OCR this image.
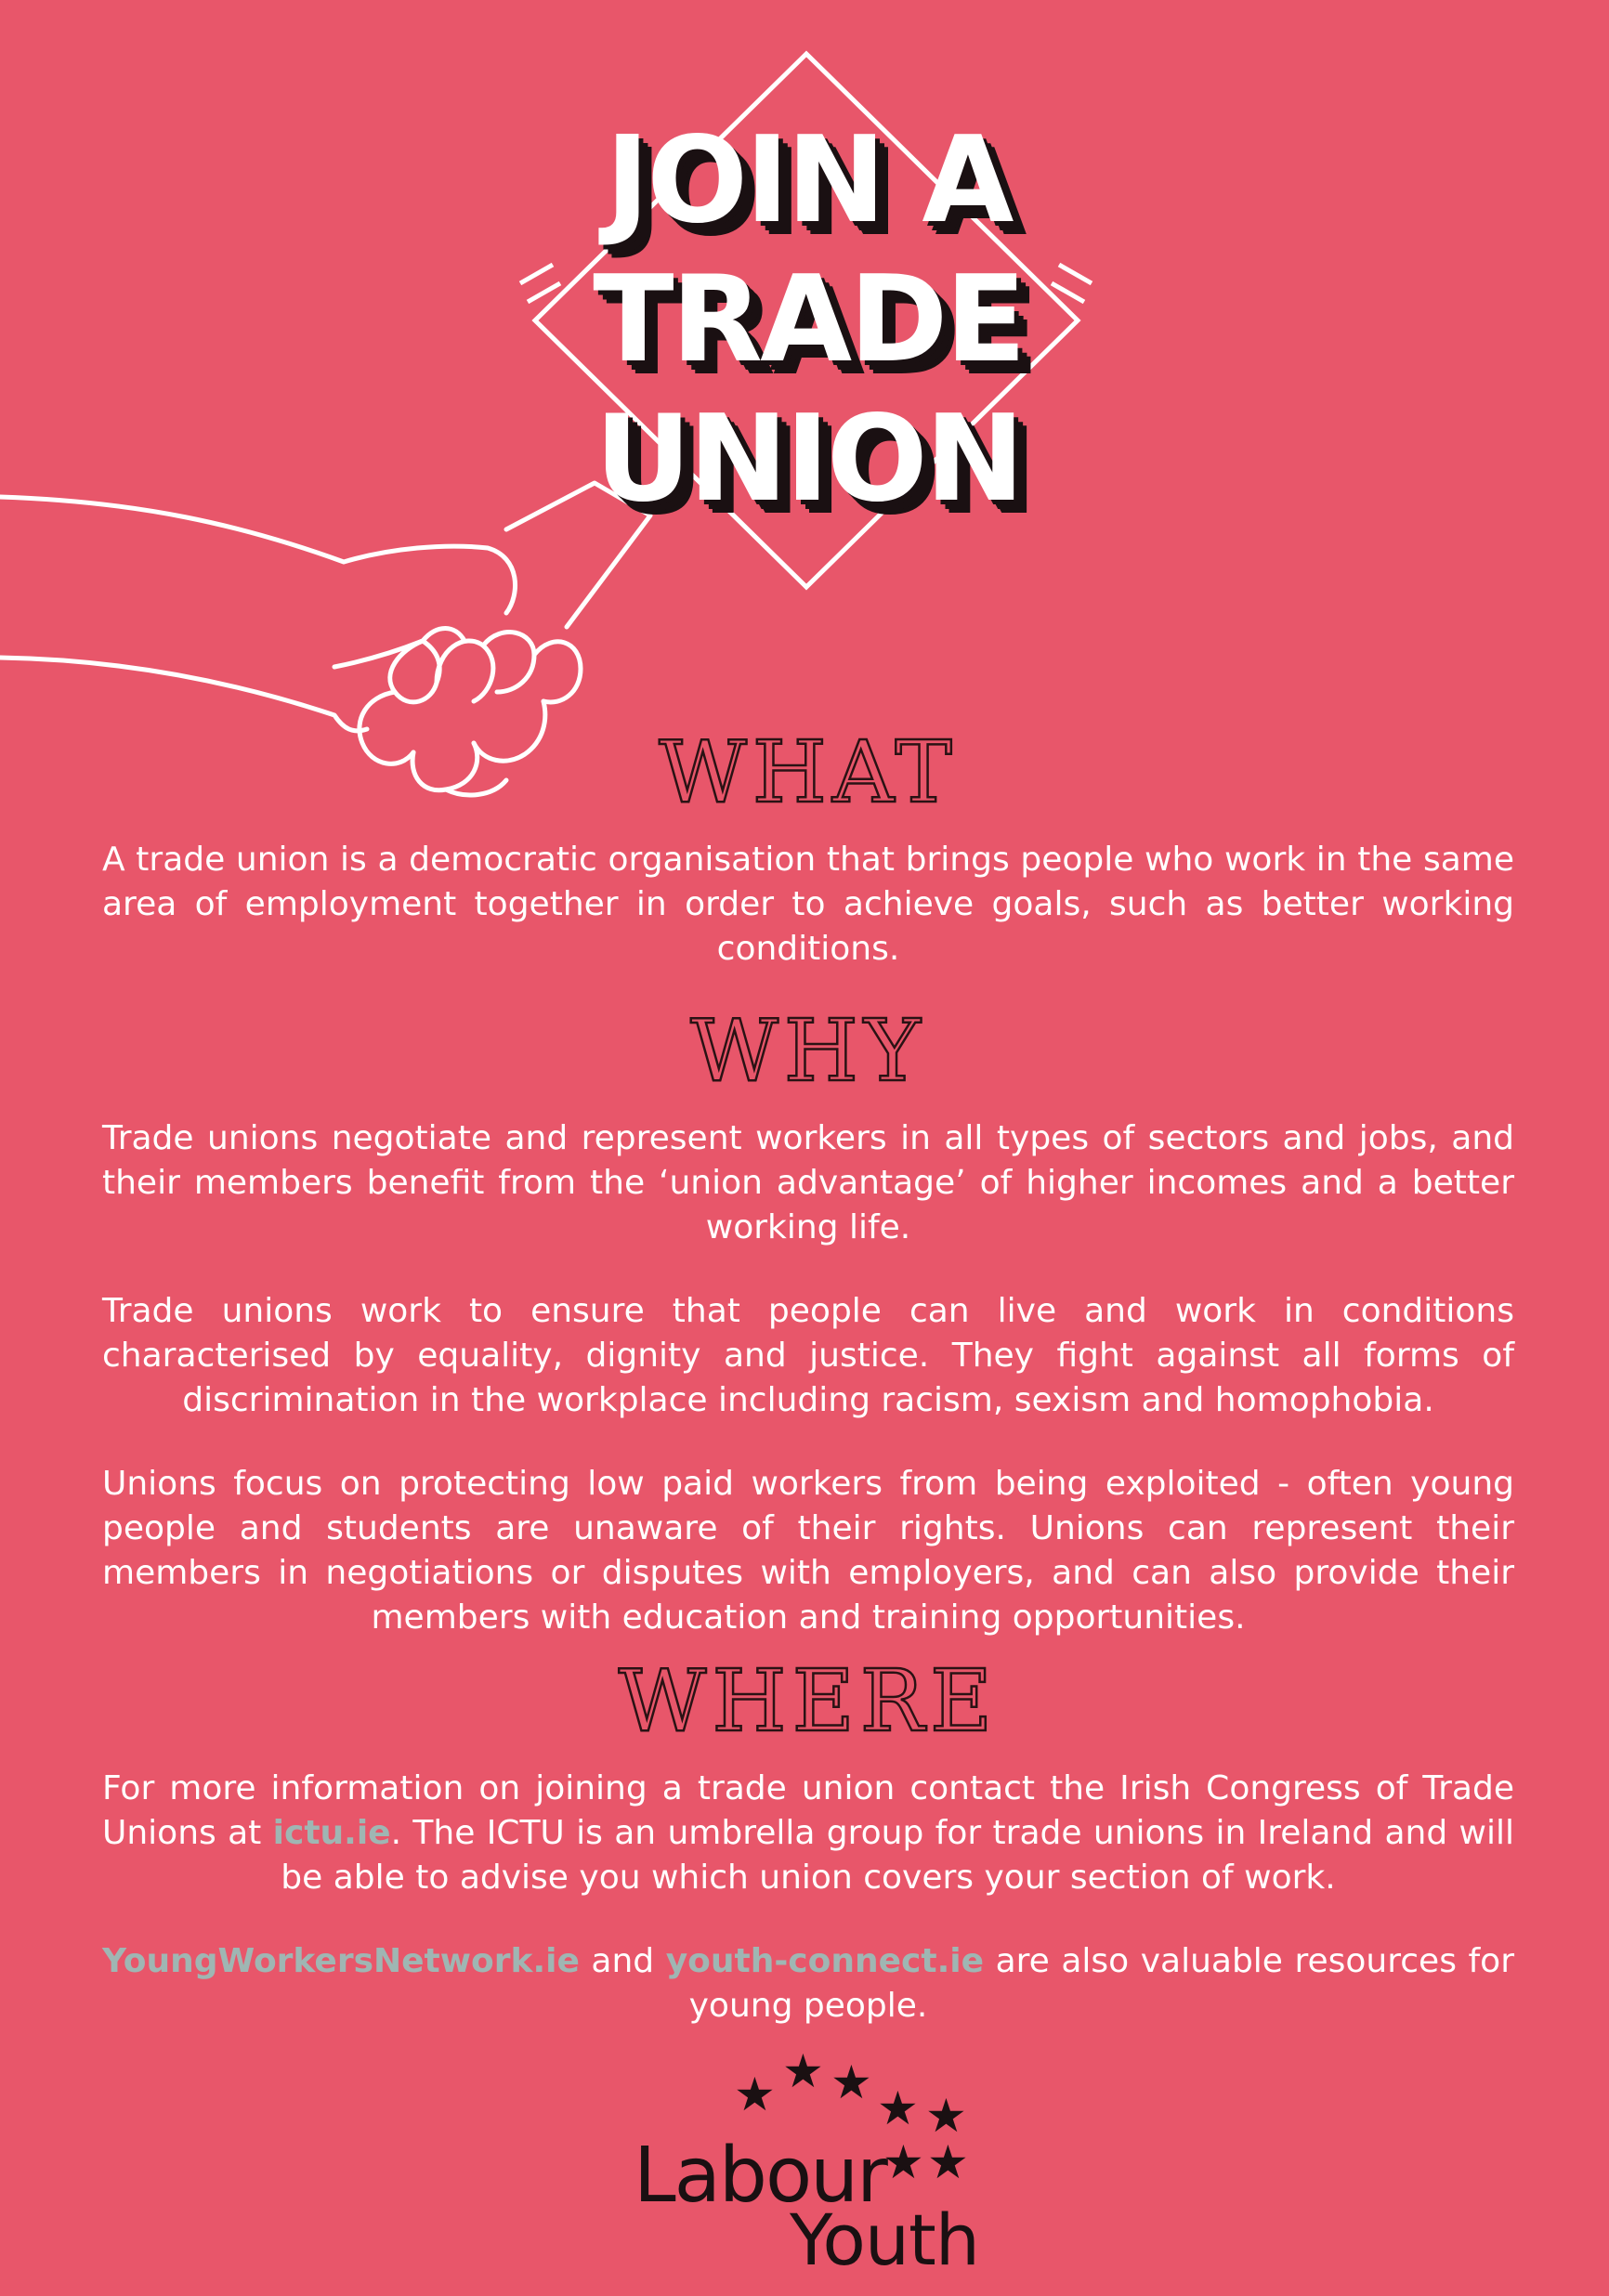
JOIN A
TRADE
UNION
WHAT

A trade union is a democratic organisation that brings people who work in the same area of employment together in order to achieve goals, such as better working conditions.

WHY

Trade unions negotiate and represent workers in all types of sectors and jobs, and their members benefit from the ‘union advantage’ of higher incomes and a better working life.

Trade unions work to ensure that people can live and work in conditions characterised by equality, dignity and justice. They fight against all forms of discrimination in the workplace including racism, sexism and homophobia.

Unions focus on protecting low paid workers from being exploited - often young people and students are unaware of their rights. Unions can represent their members in negotiations or disputes with employers, and can also provide their members with education and training opportunities.

WHERE

For more information on joining a trade union contact the Irish Congress of Trade Unions at ictu.ie. The ICTU is an umbrella group for trade unions in Ireland and will be able to advise you which union covers your section of work.

YoungWorkersNetwork.ie and youth-connect.ie are also valuable resources for young people.

★ ★ ★ ★ ★
★ ★
Labour
Youth
